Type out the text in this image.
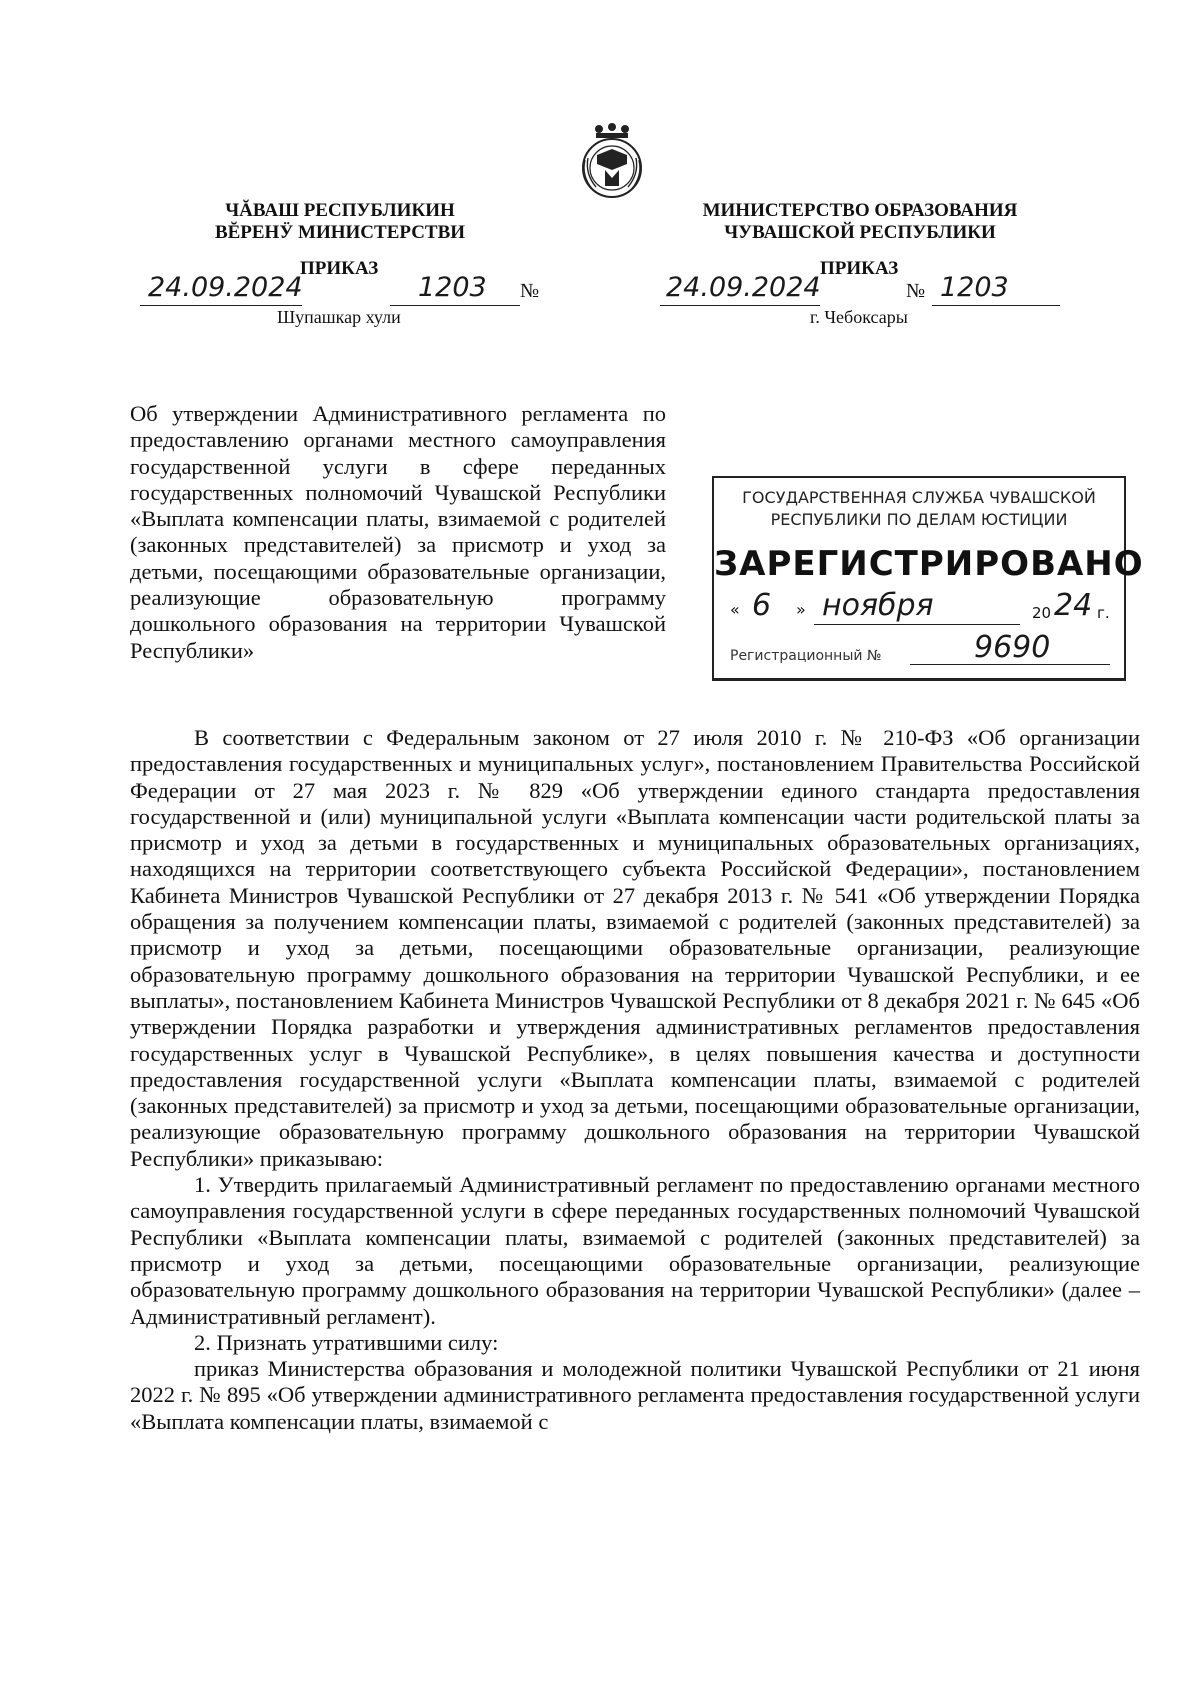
ЧĂВАШ РЕСПУБЛИКИН
ВĔРЕНӰ МИНИСТЕРСТВИ
МИНИСТЕРСТВО ОБРАЗОВАНИЯ
ЧУВАШСКОЙ РЕСПУБЛИКИ
ПРИКАЗ	ПРИКАЗ
24.09.2024	1203 №
Шупашкар хули
24.09.2024	№ 1203
г. Чебоксары
Об утверждении Административного регламента по предоставлению органами местного самоуправления государственной услуги в сфере переданных государственных полномочий Чувашской Республики «Выплата компенсации платы, взимаемой с родителей (законных представителей) за присмотр и уход за детьми, посещающими образовательные организации, реализующие образовательную программу дошкольного образования на территории Чувашской Республики»
ГОСУДАРСТВЕННАЯ СЛУЖБА ЧУВАШСКОЙ
РЕСПУБЛИКИ ПО ДЕЛАМ ЮСТИЦИИ
ЗАРЕГИСТРИРОВАНО
« 6 » ноября	20 24 г.
Регистрационный №	9690

В соответствии с Федеральным законом от 27 июля 2010 г. № 210-ФЗ «Об организации предоставления государственных и муниципальных услуг», постановлением Правительства Российской Федерации от 27 мая 2023 г. № 829 «Об утверждении единого стандарта предоставления государственной и (или) муниципальной услуги «Выплата компенсации части родительской платы за присмотр и уход за детьми в государственных и муниципальных образовательных организациях, находящихся на территории соответствующего субъекта Российской Федерации», постановлением Кабинета Министров Чувашской Республики от 27 декабря 2013 г. № 541 «Об утверждении Порядка обращения за получением компенсации платы, взимаемой с родителей (законных представителей) за присмотр и уход за детьми, посещающими образовательные организации, реализующие образовательную программу дошкольного образования на территории Чувашской Республики, и ее выплаты», постановлением Кабинета Министров Чувашской Республики от 8 декабря 2021 г. № 645 «Об утверждении Порядка разработки и утверждения административных регламентов предоставления государственных услуг в Чувашской Республике», в целях повышения качества и доступности предоставления государственной услуги «Выплата компенсации платы, взимаемой с родителей (законных представителей) за присмотр и уход за детьми, посещающими образовательные организации, реализующие образовательную программу дошкольного образования на территории Чувашской Республики» приказываю:

1. Утвердить прилагаемый Административный регламент по предоставлению органами местного самоуправления государственной услуги в сфере переданных государственных полномочий Чувашской Республики «Выплата компенсации платы, взимаемой с родителей (законных представителей) за присмотр и уход за детьми, посещающими образовательные организации, реализующие образовательную программу дошкольного образования на территории Чувашской Республики» (далее – Административный регламент).

2. Признать утратившими силу:

приказ Министерства образования и молодежной политики Чувашской Республики от 21 июня 2022 г. № 895 «Об утверждении административного регламента предоставления государственной услуги «Выплата компенсации платы, взимаемой с
